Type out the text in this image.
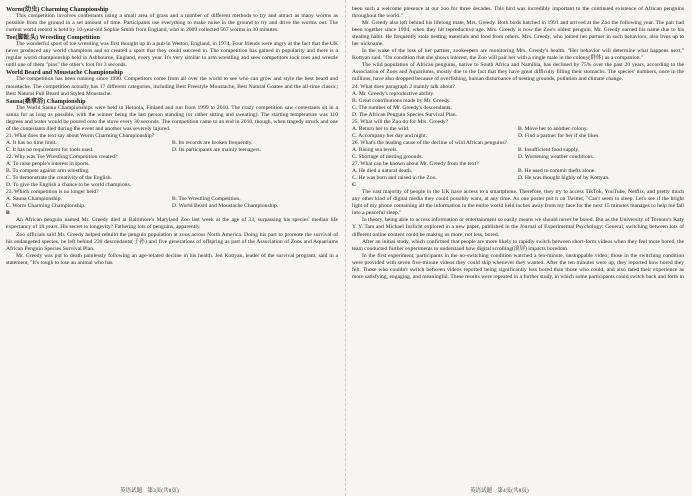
Worm(幼虫) Charming Championship

This competition involves contestants using a small area of grass and a number of different methods to try and attract as many worms as possible from the ground in a set amount of time. Participants use everything to make noise in the ground to try and drive the worms out. The current world record is held by 10-year-old Sophie Smith from England, who in 2009 collected 567 worms in 30 minutes.

Toe(脚趾头) Wrestling Competition

The wonderful sport of toe wrestling was first thought up in a pub in Wetton, England, in 1974. Four friends were angry at the fact that the UK never produced any world champions and so created a sport that they could succeed in. The competition has gained in popularity and there is a regular world championship held in Ashbourne, England, every year. It's very similar to arm wrestling and sees competitors lock toes and wrestle until one of them "pins" the other's foot for 3 seconds.

World Beard and Moustache Championship

The competition has been running since 1990. Competitors come from all over the world to see who can grow and style the best beard and moustache. The competition actually has 17 different categories, including Best Freestyle Moustache, Best Natural Goatee and the all-time classic; Best Natural Full Beard and Styled Moustache.

Sauna(桑拿浴) Championship

The World Sauna Championships were held in Heinola, Finland and run from 1999 to 2010. The crazy competition saw contestants sit in a sauna for as long as possible, with the winner being the last person standing (or rather sitting and sweating). The starting temperature was 110 degrees and water would be poured onto the stove every 30 seconds. The competition came to an end in 2010, though, when tragedy struck and one of the contestants died during the event and another was severely injured.

21. What does the text say about Worm Charming Championship?

A. It has no time limit.	B. Its records are broken frequently.
C. It has no requirement for tools used.	D. Its participants are mainly teenagers.

22. Why was Toe Wrestling Competition created?

A. To raise people's interest in sports.

B. To compete against arm wrestling.

C. To demonstrate the creativity of the English.

D. To give the English a chance to be world champions.

23. Which competition is no longer held?

A. Sauna Championship.	B. Toe Wrestling Competition.
C. Worm Charming Championship.	D. World Beard and Moustache Championship.

B

An African penguin named Mr. Greedy died at Baltimore's Maryland Zoo last week at the age of 33, surpassing his species' median life expectancy of 18 years. His secret to longevity? Fathering lots of penguins, apparently.

Zoo officials said Mr. Greedy helped rebuild the penguin population at zoos across North America. Doing his part to promote the survival of his endangered species, he left behind 230 descendants(子孙) and five generations of offspring as part of the Association of Zoos and Aquariums African Penguin Species Survival Plan.

Mr. Greedy was put to death painlessly following an age-related decline in his health. Jen Kottyan, leader of the survival program, said in a statement, "It's tough to lose an animal who has

been such a welcome presence at our zoo for three decades. This bird was incredibly important to the continued existence of African penguins throughout the world."

Mr. Greedy also left behind his lifelong mate, Mrs. Greedy. Both birds hatched in 1991 and arrived at the Zoo the following year. The pair had been together since 1994, when they hit reproductive age. Mrs. Greedy is now the Zoo's oldest penguin. Mr. Greedy earned his name due to his stealing habit. He frequently stole nesting materials and food from others. Mrs. Greedy, who joined her partner in such behaviors, also lives up to her nickname.

In the wake of the loss of her partner, zookeepers are monitoring Mrs. Greedy's health. "Her behavior will determine what happens next," Kottyan said. "On condition that she shows interest, the Zoo will pair her with a single male in the colony(群体) as a companion."

The wild population of African penguins, native to South Africa and Namibia, has declined by 75% over the past 20 years, according to the Association of Zoos and Aquariums, mostly due to the fact that they have great difficulty filling their stomachs. The species' numbers, once in the millions, have also dropped because of overfishing, human disturbance of nesting grounds, pollution and climate change.

24. What does paragraph 2 mainly talk about?

A. Mr. Greedy's reproductive ability.

B. Great contributions made by Mr. Greedy.

C. The number of Mr. Greedy's descendants.

D. The African Penguin Species Survival Plan.

25. What will the Zoo do for Mrs. Greedy?

A. Return her to the wild.	B. Move her to another colony.
C. Accompany her day and night.	D. Find a partner for her if she likes.

26. What's the leading cause of the decline of wild African penguins?

A. Rising sea levels.	B. Insufficient food supply.
C. Shortage of nesting grounds.	D. Worsening weather conditions.

27. What can be known about Mr. Greedy from the text?

A. He died a natural death.	B. He used to commit thefts alone.
C. He was born and raised in the Zoo.	D. He was thought highly of by Kottyan.

C

The vast majority of people in the UK have access to a smartphone. Therefore, they try to access TikTok, YouTube, Netflix, and pretty much any other kind of digital media they could possibly want, at any time. As one poster put it on Twitter, "Can't seem to sleep. Let's see if the bright light of my phone containing all the information in the entire world held inches away from my face for the next 15 minutes manages to help me fall into a peaceful sleep."

In theory, being able to access information or entertainment so easily means we should never be bored. But as the University of Toronto's Katy Y. Y. Tam and Michael Inzlicht explored in a new paper, published in the Journal of Experimental Psychology: General, switching between lots of different online content could be making us more, not less, bored.

After an initial study, which confirmed that people are more likely to rapidly switch between short-form videos when they feel more bored, the team conducted further experiments to understand how digital scrolling(滚屏) impacts boredom.

In the first experiment, participants in the no-switching condition watched a ten-minute, unskippable video; those in the switching condition were provided with seven five-minute videos they could skip whenever they wanted. After the ten minutes were up, they reported how bored they felt. Those who couldn't switch between videos reported being significantly less bored than those who could, and also rated their experience as more satisfying, engaging, and meaningful. These results were repeated in a further study, in which some participants could switch back and forth in

英语试题　第3页(共8页)	英语试题　第4页(共8页)
